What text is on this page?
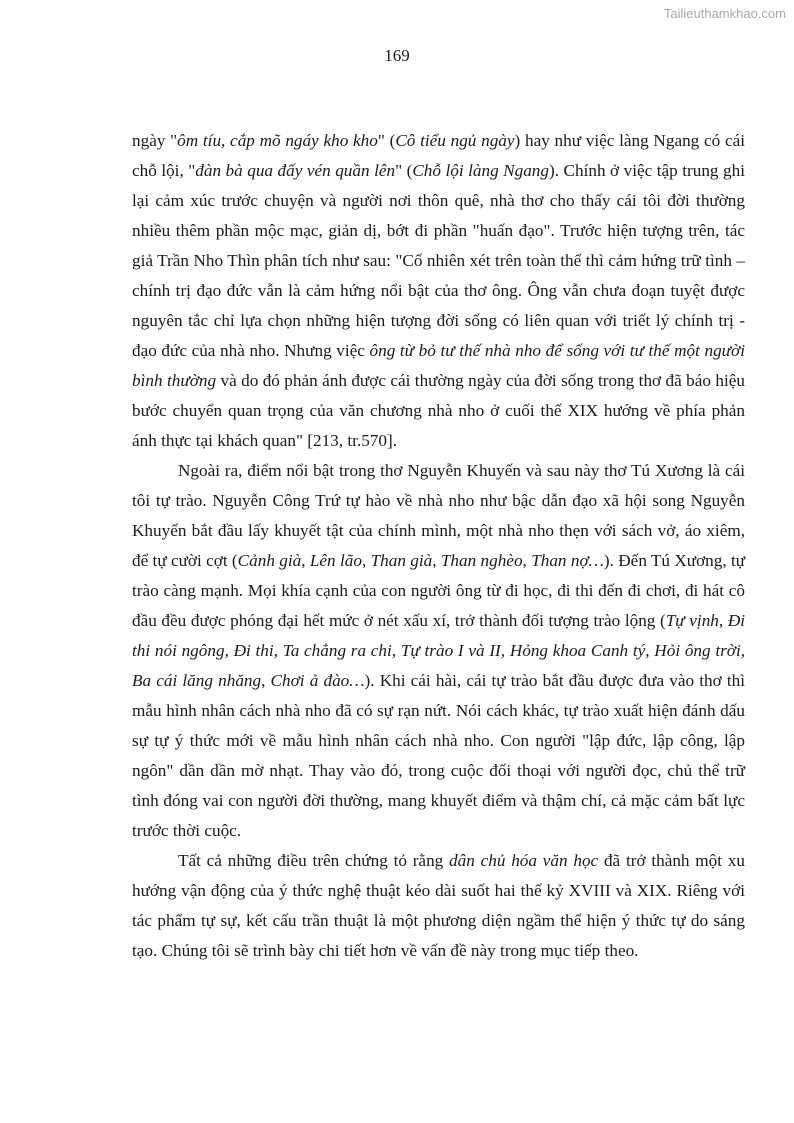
Tailieuthamkhao.com
169

ngày "ôm tíu, cắp mõ ngáy kho kho" (Cô tiểu ngủ ngày) hay như việc làng Ngang có cái chỗ lội, "đàn bà qua đấy vén quần lên" (Chỗ lội làng Ngang). Chính ở việc tập trung ghi lại cảm xúc trước chuyện và người nơi thôn quê, nhà thơ cho thấy cái tôi đời thường nhiều thêm phần mộc mạc, giản dị, bớt đi phần "huấn đạo". Trước hiện tượng trên, tác giả Trần Nho Thìn phân tích như sau: "Cố nhiên xét trên toàn thể thì cảm hứng trữ tình – chính trị đạo đức vẫn là cảm hứng nổi bật của thơ ông. Ông vẫn chưa đoạn tuyệt được nguyên tắc chỉ lựa chọn những hiện tượng đời sống có liên quan với triết lý chính trị - đạo đức của nhà nho. Nhưng việc ông từ bỏ tư thế nhà nho để sống với tư thế một người bình thường và do đó phản ánh được cái thường ngày của đời sống trong thơ đã báo hiệu bước chuyển quan trọng của văn chương nhà nho ở cuối thế XIX hướng về phía phản ánh thực tại khách quan" [213, tr.570].

Ngoài ra, điểm nổi bật trong thơ Nguyễn Khuyến và sau này thơ Tú Xương là cái tôi tự trào. Nguyễn Công Trứ tự hào về nhà nho như bậc dẫn đạo xã hội song Nguyễn Khuyến bắt đầu lấy khuyết tật của chính mình, một nhà nho thẹn với sách vở, áo xiêm, để tự cười cợt (Cảnh già, Lên lão, Than già, Than nghèo, Than nợ…). Đến Tú Xương, tự trào càng mạnh. Mọi khía cạnh của con người ông từ đi học, đi thi đến đi chơi, đi hát cô đầu đều được phóng đại hết mức ở nét xấu xí, trở thành đối tượng trào lộng (Tự vịnh, Đi thi nói ngông, Đi thi, Ta chẳng ra chi, Tự trào I và II, Hỏng khoa Canh tý, Hỏi ông trời, Ba cái lăng nhăng, Chơi ả đào…). Khi cái hài, cái tự trào bắt đầu được đưa vào thơ thì mẫu hình nhân cách nhà nho đã có sự rạn nứt. Nói cách khác, tự trào xuất hiện đánh dấu sự tự ý thức mới về mẫu hình nhân cách nhà nho. Con người "lập đức, lập công, lập ngôn" dần dần mờ nhạt. Thay vào đó, trong cuộc đối thoại với người đọc, chủ thể trữ tình đóng vai con người đời thường, mang khuyết điểm và thậm chí, cả mặc cảm bất lực trước thời cuộc.

Tất cả những điều trên chứng tỏ rằng dân chủ hóa văn học đã trở thành một xu hướng vận động của ý thức nghệ thuật kéo dài suốt hai thế kỷ XVIII và XIX. Riêng với tác phẩm tự sự, kết cấu trần thuật là một phương diện ngầm thể hiện ý thức tự do sáng tạo. Chúng tôi sẽ trình bày chi tiết hơn về vấn đề này trong mục tiếp theo.
